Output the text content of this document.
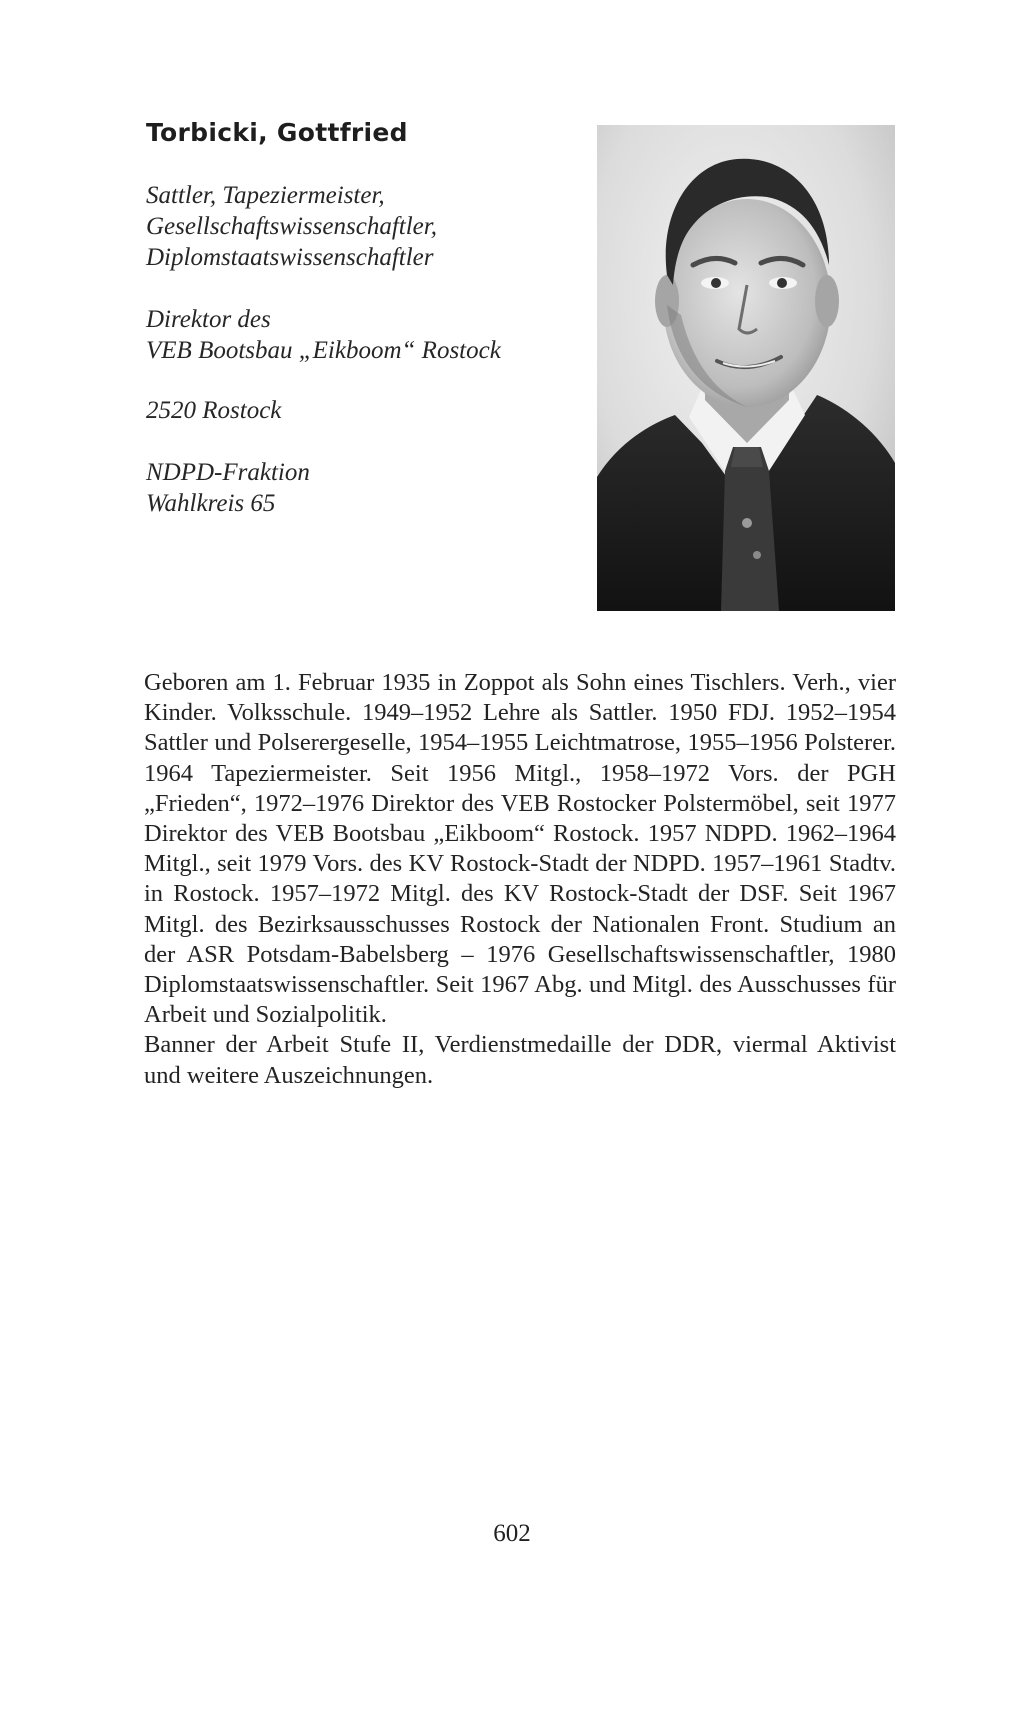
Torbicki, Gottfried
Sattler, Tapeziermeister,
Gesellschaftswissenschaftler,
Diplomstaatswissenschaftler
Direktor des
VEB Bootsbau „Eikboom“ Rostock
2520 Rostock
NDPD-Fraktion
Wahlkreis 65

Geboren am 1. Februar 1935 in Zoppot als Sohn eines Tischlers. Verh., vier Kinder. Volksschule. 1949–1952 Lehre als Sattler. 1950 FDJ. 1952–1954 Sattler und Polserergeselle, 1954–1955 Leichtmatrose, 1955–1956 Polsterer. 1964 Tapeziermeister. Seit 1956 Mitgl., 1958–1972 Vors. der PGH „Frieden“, 1972–1976 Direktor des VEB Rostocker Polstermöbel, seit 1977 Direktor des VEB Bootsbau „Eikboom“ Rostock. 1957 NDPD. 1962–1964 Mitgl., seit 1979 Vors. des KV Rostock-Stadt der NDPD. 1957–1961 Stadtv. in Rostock. 1957–1972 Mitgl. des KV Rostock-Stadt der DSF. Seit 1967 Mitgl. des Bezirksausschusses Rostock der Nationalen Front. Studium an der ASR Potsdam-Babelsberg – 1976 Gesellschaftswissenschaftler, 1980 Diplomstaatswissenschaftler. Seit 1967 Abg. und Mitgl. des Ausschusses für Arbeit und Sozialpolitik.

Banner der Arbeit Stufe II, Verdienstmedaille der DDR, viermal Aktivist und weitere Auszeichnungen.

602
